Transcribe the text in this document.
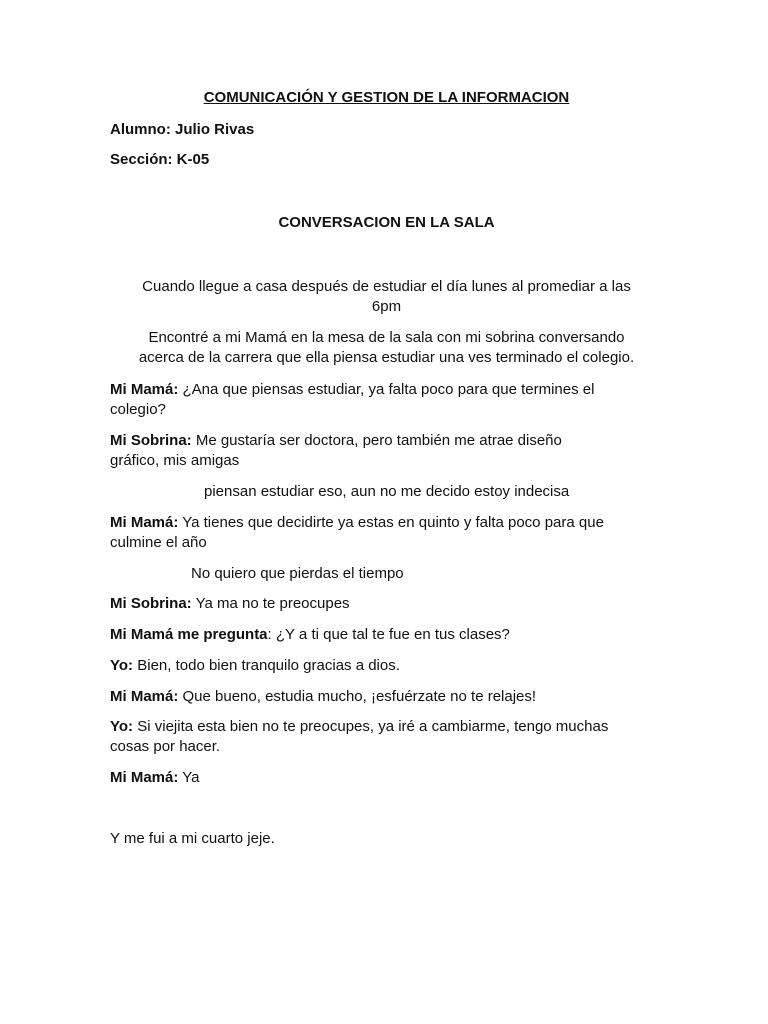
COMUNICACIÓN Y GESTION DE LA INFORMACION
Alumno: Julio Rivas
Sección: K-05
CONVERSACION EN LA SALA
Cuando llegue a casa después de estudiar el día lunes al promediar a las
6pm
Encontré a mi Mamá en la mesa de la sala con mi sobrina conversando
acerca de la carrera que ella piensa estudiar una ves terminado el colegio.
Mi Mamá: ¿Ana que piensas estudiar, ya falta poco para que termines el
colegio?
Mi Sobrina: Me gustaría ser doctora, pero también me atrae diseño
gráfico, mis amigas
piensan estudiar eso, aun no me decido estoy indecisa
Mi Mamá: Ya tienes que decidirte ya estas en quinto y falta poco para que
culmine el año
No quiero que pierdas el tiempo
Mi Sobrina: Ya ma no te preocupes
Mi Mamá me pregunta: ¿Y a ti que tal te fue en tus clases?
Yo: Bien, todo bien tranquilo gracias a dios.
Mi Mamá: Que bueno, estudia mucho, ¡esfuérzate no te relajes!
Yo: Si viejita esta bien no te preocupes, ya iré a cambiarme, tengo muchas
cosas por hacer.
Mi Mamá: Ya
Y me fui a mi cuarto jeje.
